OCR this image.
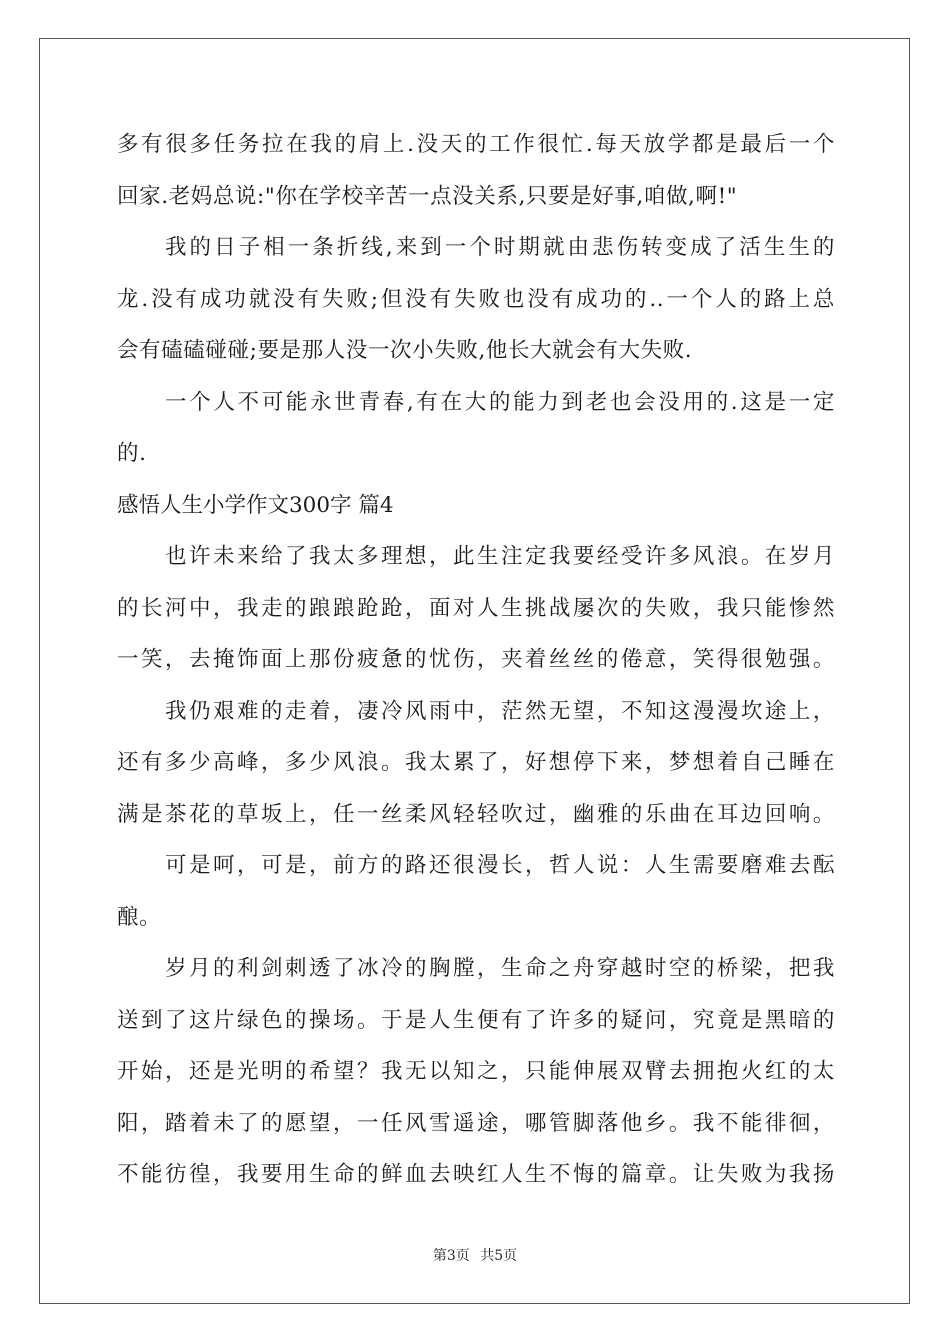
多有很多任务拉在我的肩上.没天的工作很忙.每天放学都是最后一个
回家.老妈总说:"你在学校辛苦一点没关系,只要是好事,咱做,啊!"
我的日子相一条折线,来到一个时期就由悲伤转变成了活生生的
龙.没有成功就没有失败;但没有失败也没有成功的..一个人的路上总
会有磕磕碰碰;要是那人没一次小失败,他长大就会有大失败.
一个人不可能永世青春,有在大的能力到老也会没用的.这是一定
的.
感悟人生小学作文300字 篇4
也许未来给了我太多理想，此生注定我要经受许多风浪。在岁月
的长河中，我走的踉踉跄跄，面对人生挑战屡次的失败，我只能惨然
一笑，去掩饰面上那份疲惫的忧伤，夹着丝丝的倦意，笑得很勉强。
我仍艰难的走着，凄冷风雨中，茫然无望，不知这漫漫坎途上，
还有多少高峰，多少风浪。我太累了，好想停下来，梦想着自己睡在
满是茶花的草坂上，任一丝柔风轻轻吹过，幽雅的乐曲在耳边回响。
可是呵，可是，前方的路还很漫长，哲人说：人生需要磨难去酝
酿。
岁月的利剑刺透了冰冷的胸膛，生命之舟穿越时空的桥梁，把我
送到了这片绿色的操场。于是人生便有了许多的疑问，究竟是黑暗的
开始，还是光明的希望？我无以知之，只能伸展双臂去拥抱火红的太
阳，踏着未了的愿望，一任风雪遥途，哪管脚落他乡。我不能徘徊，
不能彷徨，我要用生命的鲜血去映红人生不悔的篇章。让失败为我扬
第3页 共5页
